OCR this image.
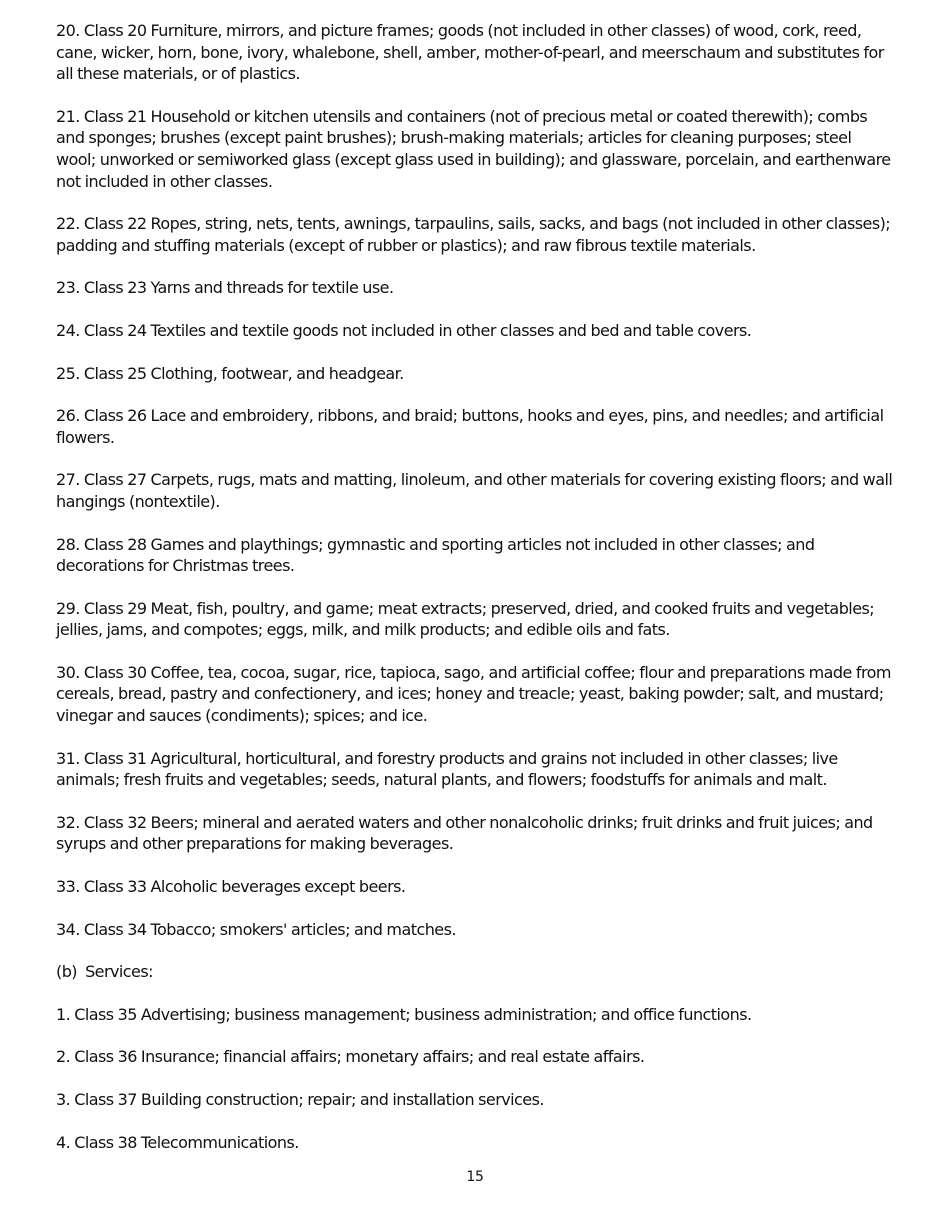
20. Class 20 Furniture, mirrors, and picture frames; goods (not included in other classes) of wood, cork, reed, cane, wicker, horn, bone, ivory, whalebone, shell, amber, mother-of-pearl, and meerschaum and substitutes for all these materials, or of plastics.

21. Class 21 Household or kitchen utensils and containers (not of precious metal or coated therewith); combs and sponges; brushes (except paint brushes); brush-making materials; articles for cleaning purposes; steel wool; unworked or semiworked glass (except glass used in building); and glassware, porcelain, and earthenware not included in other classes.

22. Class 22 Ropes, string, nets, tents, awnings, tarpaulins, sails, sacks, and bags (not included in other classes); padding and stuffing materials (except of rubber or plastics); and raw fibrous textile materials.

23. Class 23 Yarns and threads for textile use.

24. Class 24 Textiles and textile goods not included in other classes and bed and table covers.

25. Class 25 Clothing, footwear, and headgear.

26. Class 26 Lace and embroidery, ribbons, and braid; buttons, hooks and eyes, pins, and needles; and artificial flowers.

27. Class 27 Carpets, rugs, mats and matting, linoleum, and other materials for covering existing floors; and wall hangings (nontextile).

28. Class 28 Games and playthings; gymnastic and sporting articles not included in other classes; and decorations for Christmas trees.

29. Class 29 Meat, fish, poultry, and game; meat extracts; preserved, dried, and cooked fruits and vegetables; jellies, jams, and compotes; eggs, milk, and milk products; and edible oils and fats.

30. Class 30 Coffee, tea, cocoa, sugar, rice, tapioca, sago, and artificial coffee; flour and preparations made from cereals, bread, pastry and confectionery, and ices; honey and treacle; yeast, baking powder; salt, and mustard; vinegar and sauces (condiments); spices; and ice.

31. Class 31 Agricultural, horticultural, and forestry products and grains not included in other classes; live animals; fresh fruits and vegetables; seeds, natural plants, and flowers; foodstuffs for animals and malt.

32. Class 32 Beers; mineral and aerated waters and other nonalcoholic drinks; fruit drinks and fruit juices; and syrups and other preparations for making beverages.

33. Class 33 Alcoholic beverages except beers.

34. Class 34 Tobacco; smokers' articles; and matches.

(b)  Services:

1. Class 35 Advertising; business management; business administration; and office functions.

2. Class 36 Insurance; financial affairs; monetary affairs; and real estate affairs.

3. Class 37 Building construction; repair; and installation services.

4. Class 38 Telecommunications.

15
